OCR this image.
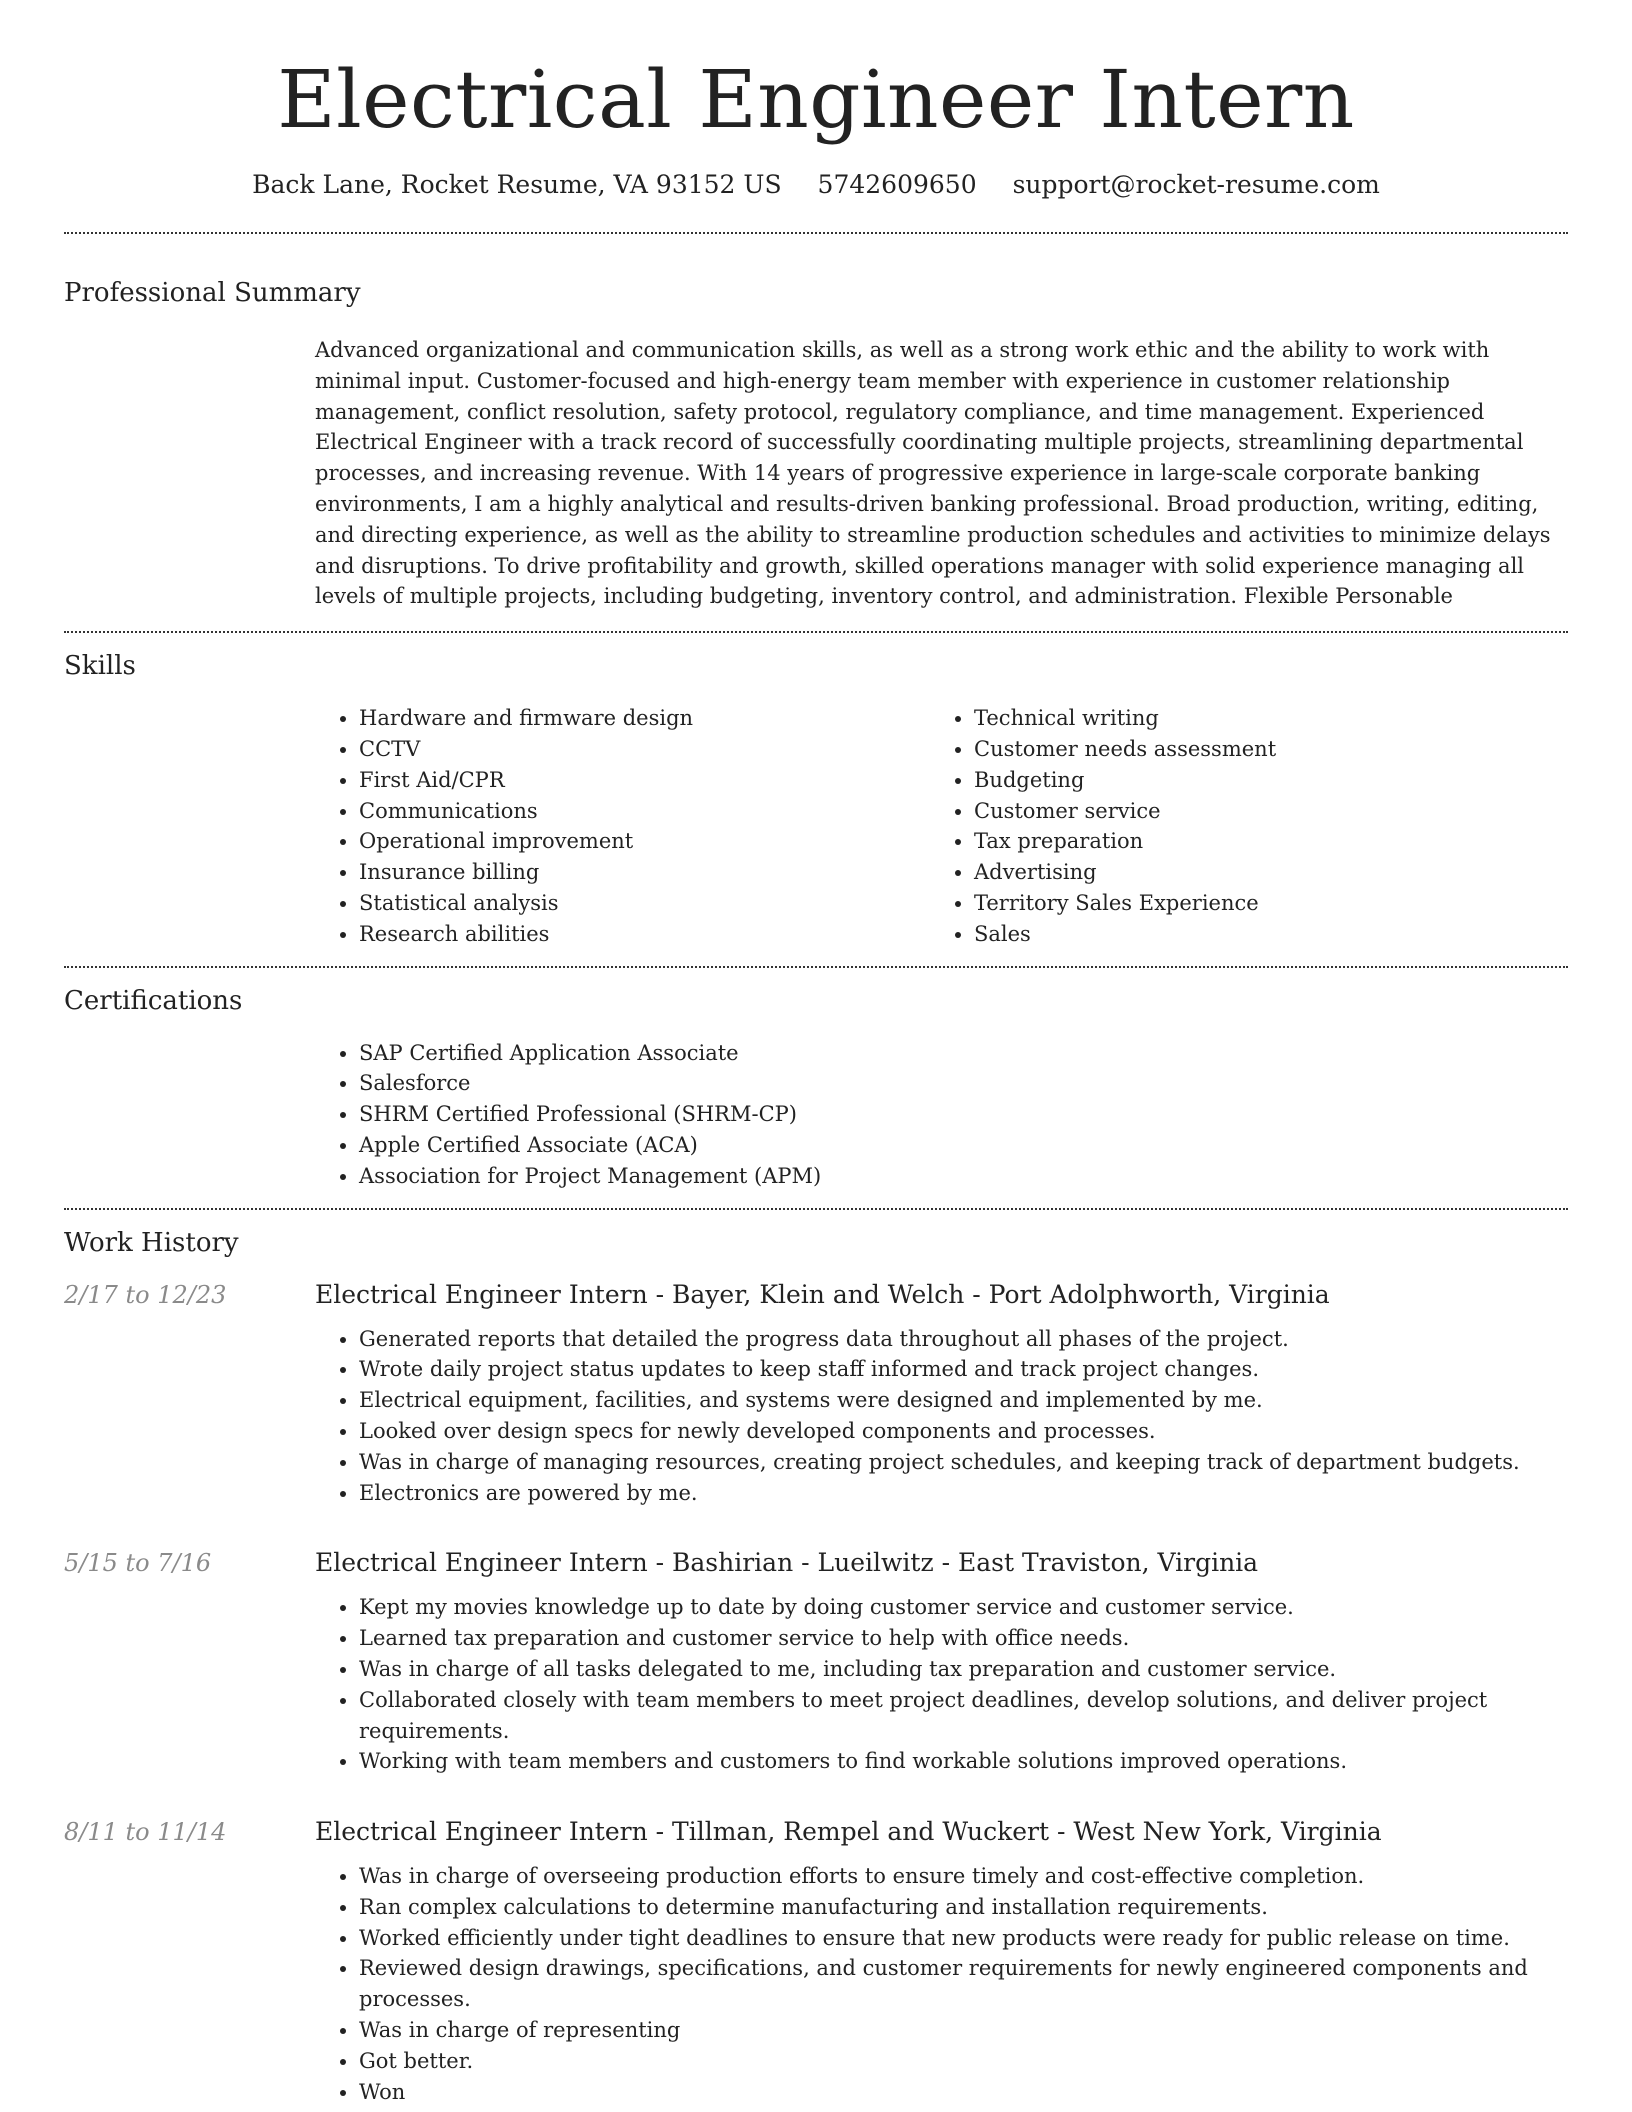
Electrical Engineer Intern
Back Lane, Rocket Resume, VA 93152 US 5742609650 support@rocket-resume.com
Professional Summary
Advanced organizational and communication skills, as well as a strong work ethic and the ability to work with minimal input. Customer-focused and high-energy team member with experience in customer relationship management, conflict resolution, safety protocol, regulatory compliance, and time management. Experienced Electrical Engineer with a track record of successfully coordinating multiple projects, streamlining departmental processes, and increasing revenue. With 14 years of progressive experience in large-scale corporate banking environments, I am a highly analytical and results-driven banking professional. Broad production, writing, editing, and directing experience, as well as the ability to streamline production schedules and activities to minimize delays and disruptions. To drive profitability and growth, skilled operations manager with solid experience managing all levels of multiple projects, including budgeting, inventory control, and administration. Flexible Personable
Skills
• Hardware and firmware design
• CCTV
• First Aid/CPR
• Communications
• Operational improvement
• Insurance billing
• Statistical analysis
• Research abilities
• Technical writing
• Customer needs assessment
• Budgeting
• Customer service
• Tax preparation
• Advertising
• Territory Sales Experience
• Sales
Certifications
• SAP Certified Application Associate
• Salesforce
• SHRM Certified Professional (SHRM-CP)
• Apple Certified Associate (ACA)
• Association for Project Management (APM)
Work History
2/17 to 12/23	Electrical Engineer Intern - Bayer, Klein and Welch - Port Adolphworth, Virginia
• Generated reports that detailed the progress data throughout all phases of the project.
• Wrote daily project status updates to keep staff informed and track project changes.
• Electrical equipment, facilities, and systems were designed and implemented by me.
• Looked over design specs for newly developed components and processes.
• Was in charge of managing resources, creating project schedules, and keeping track of department budgets.
• Electronics are powered by me.
5/15 to 7/16	Electrical Engineer Intern - Bashirian - Lueilwitz - East Traviston, Virginia
• Kept my movies knowledge up to date by doing customer service and customer service.
• Learned tax preparation and customer service to help with office needs.
• Was in charge of all tasks delegated to me, including tax preparation and customer service.
• Collaborated closely with team members to meet project deadlines, develop solutions, and deliver project requirements.
• Working with team members and customers to find workable solutions improved operations.
8/11 to 11/14	Electrical Engineer Intern - Tillman, Rempel and Wuckert - West New York, Virginia
• Was in charge of overseeing production efforts to ensure timely and cost-effective completion.
• Ran complex calculations to determine manufacturing and installation requirements.
• Worked efficiently under tight deadlines to ensure that new products were ready for public release on time.
• Reviewed design drawings, specifications, and customer requirements for newly engineered components and processes.
• Was in charge of representing
• Got better.
• Won
